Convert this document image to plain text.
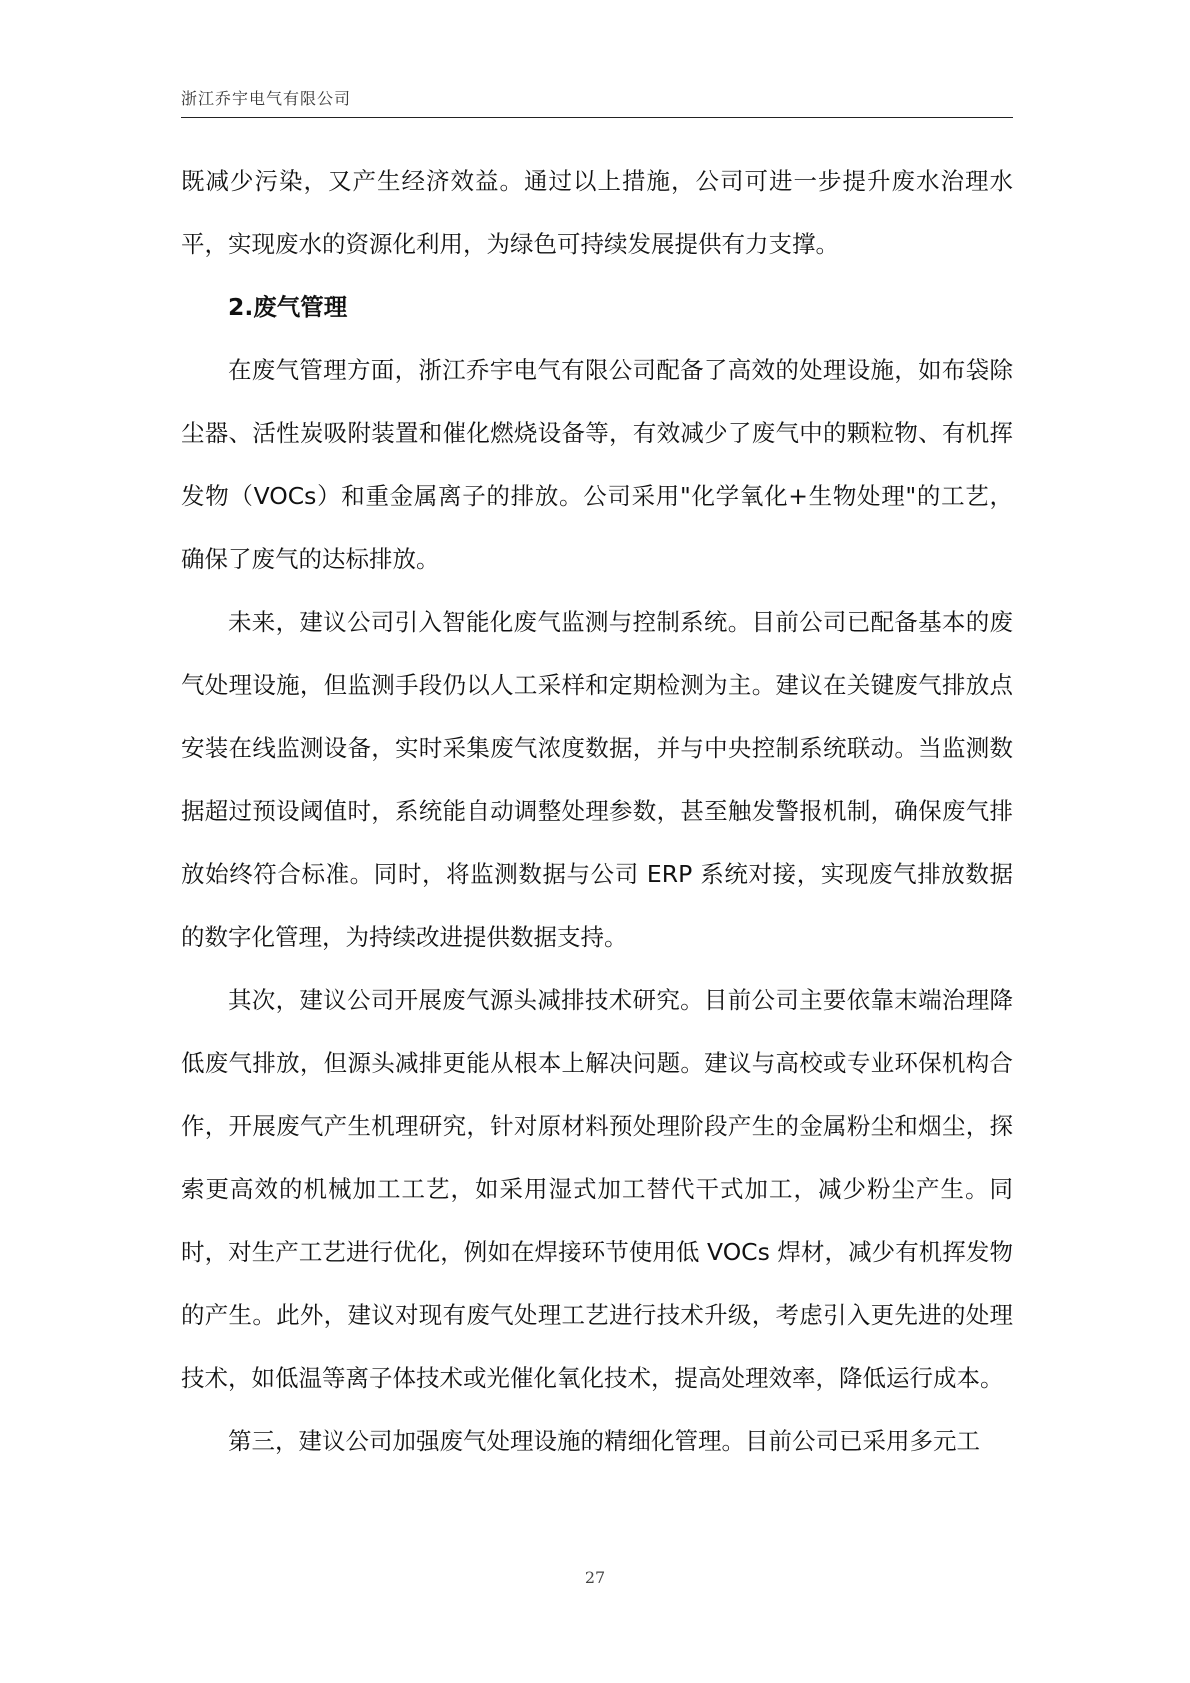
浙江乔宇电气有限公司

既减少污染，又产生经济效益。通过以上措施，公司可进一步提升废水治理水平，实现废水的资源化利用，为绿色可持续发展提供有力支撑。

2.废气管理

在废气管理方面，浙江乔宇电气有限公司配备了高效的处理设施，如布袋除尘器、活性炭吸附装置和催化燃烧设备等，有效减少了废气中的颗粒物、有机挥发物（VOCs）和重金属离子的排放。公司采用"化学氧化+生物处理"的工艺，确保了废气的达标排放。

未来，建议公司引入智能化废气监测与控制系统。目前公司已配备基本的废气处理设施，但监测手段仍以人工采样和定期检测为主。建议在关键废气排放点安装在线监测设备，实时采集废气浓度数据，并与中央控制系统联动。当监测数据超过预设阈值时，系统能自动调整处理参数，甚至触发警报机制，确保废气排放始终符合标准。同时，将监测数据与公司 ERP 系统对接，实现废气排放数据的数字化管理，为持续改进提供数据支持。

其次，建议公司开展废气源头减排技术研究。目前公司主要依靠末端治理降低废气排放，但源头减排更能从根本上解决问题。建议与高校或专业环保机构合作，开展废气产生机理研究，针对原材料预处理阶段产生的金属粉尘和烟尘，探索更高效的机械加工工艺，如采用湿式加工替代干式加工，减少粉尘产生。同时，对生产工艺进行优化，例如在焊接环节使用低 VOCs 焊材，减少有机挥发物的产生。此外，建议对现有废气处理工艺进行技术升级，考虑引入更先进的处理技术，如低温等离子体技术或光催化氧化技术，提高处理效率，降低运行成本。

第三，建议公司加强废气处理设施的精细化管理。目前公司已采用多元工

27
